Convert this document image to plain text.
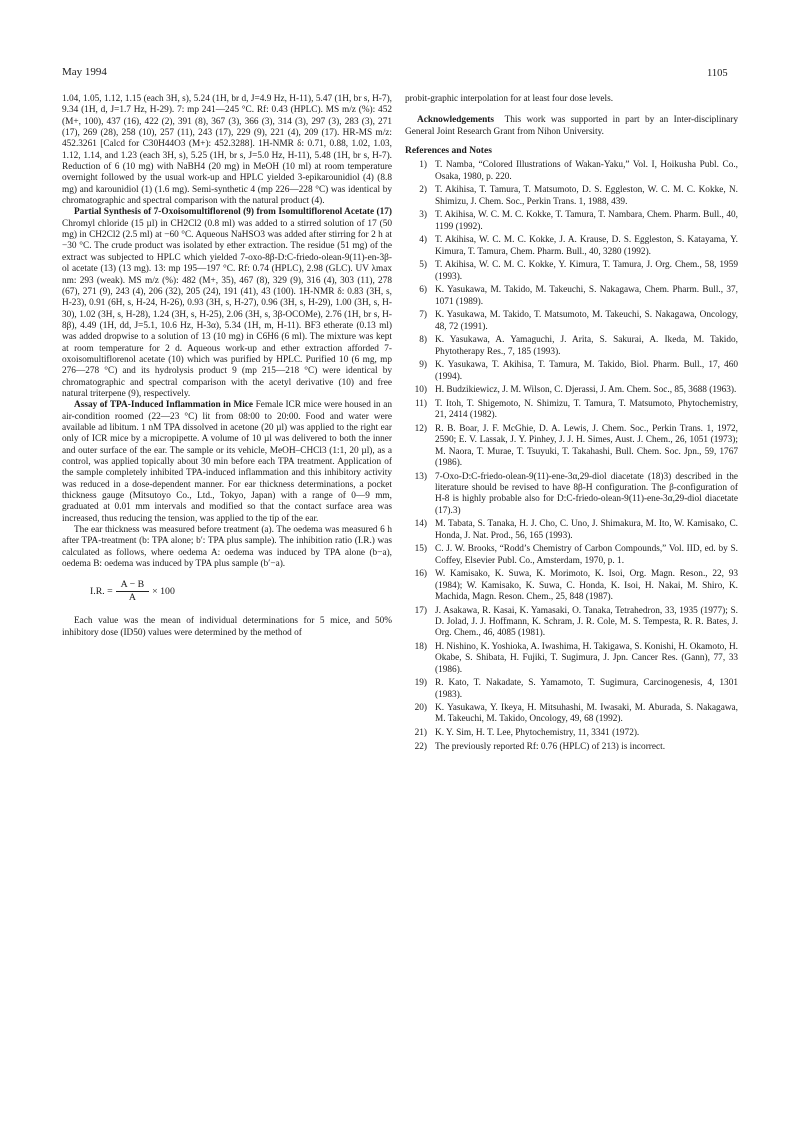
May 1994	1105

1.04, 1.05, 1.12, 1.15 (each 3H, s), 5.24 (1H, br d, J=4.9 Hz, H-11), 5.47 (1H, br s, H-7), 9.34 (1H, d, J=1.7 Hz, H-29). 7: mp 241—245 °C. Rf: 0.43 (HPLC). MS m/z (%): 452 (M+, 100), 437 (16), 422 (2), 391 (8), 367 (3), 366 (3), 314 (3), 297 (3), 283 (3), 271 (17), 269 (28), 258 (10), 257 (11), 243 (17), 229 (9), 221 (4), 209 (17). HR-MS m/z: 452.3261 [Calcd for C30H44O3 (M+): 452.3288]. 1H-NMR δ: 0.71, 0.88, 1.02, 1.03, 1.12, 1.14, and 1.23 (each 3H, s), 5.25 (1H, br s, J=5.0 Hz, H-11), 5.48 (1H, br s, H-7). Reduction of 6 (10 mg) with NaBH4 (20 mg) in MeOH (10 ml) at room temperature overnight followed by the usual work-up and HPLC yielded 3-epikarounidiol (4) (8.8 mg) and karounidiol (1) (1.6 mg). Semi-synthetic 4 (mp 226—228 °C) was identical by chromatographic and spectral comparison with the natural product (4).

Partial Synthesis of 7-Oxoisomultiflorenol (9) from Isomultiflorenol Acetate (17) Chromyl chloride (15 µl) in CH2Cl2 (0.8 ml) was added to a stirred solution of 17 (50 mg) in CH2Cl2 (2.5 ml) at −60 °C. Aqueous NaHSO3 was added after stirring for 2 h at −30 °C. The crude product was isolated by ether extraction. The residue (51 mg) of the extract was subjected to HPLC which yielded 7-oxo-8β-D:C-friedo-olean-9(11)-en-3β-ol acetate (13) (13 mg). 13: mp 195—197 °C. Rf: 0.74 (HPLC), 2.98 (GLC). UV λmax nm: 293 (weak). MS m/z (%): 482 (M+, 35), 467 (8), 329 (9), 316 (4), 303 (11), 278 (67), 271 (9), 243 (4), 206 (32), 205 (24), 191 (41), 43 (100). 1H-NMR δ: 0.83 (3H, s, H-23), 0.91 (6H, s, H-24, H-26), 0.93 (3H, s, H-27), 0.96 (3H, s, H-29), 1.00 (3H, s, H-30), 1.02 (3H, s, H-28), 1.24 (3H, s, H-25), 2.06 (3H, s, 3β-OCOMe), 2.76 (1H, br s, H-8β), 4.49 (1H, dd, J=5.1, 10.6 Hz, H-3α), 5.34 (1H, m, H-11). BF3 etherate (0.13 ml) was added dropwise to a solution of 13 (10 mg) in C6H6 (6 ml). The mixture was kept at room temperature for 2 d. Aqueous work-up and ether extraction afforded 7-oxoisomultiflorenol acetate (10) which was purified by HPLC. Purified 10 (6 mg, mp 276—278 °C) and its hydrolysis product 9 (mp 215—218 °C) were identical by chromatographic and spectral comparison with the acetyl derivative (10) and free natural triterpene (9), respectively.

Assay of TPA-Induced Inflammation in Mice Female ICR mice were housed in an air-condition roomed (22—23 °C) lit from 08:00 to 20:00. Food and water were available ad libitum. 1 nM TPA dissolved in acetone (20 µl) was applied to the right ear only of ICR mice by a micropipette. A volume of 10 µl was delivered to both the inner and outer surface of the ear. The sample or its vehicle, MeOH–CHCl3 (1:1, 20 µl), as a control, was applied topically about 30 min before each TPA treatment. Application of the sample completely inhibited TPA-induced inflammation and this inhibitory activity was reduced in a dose-dependent manner. For ear thickness determinations, a pocket thickness gauge (Mitsutoyo Co., Ltd., Tokyo, Japan) with a range of 0—9 mm, graduated at 0.01 mm intervals and modified so that the contact surface area was increased, thus reducing the tension, was applied to the tip of the ear.

The ear thickness was measured before treatment (a). The oedema was measured 6 h after TPA-treatment (b: TPA alone; b′: TPA plus sample). The inhibition ratio (I.R.) was calculated as follows, where oedema A: oedema was induced by TPA alone (b−a), oedema B: oedema was induced by TPA plus sample (b′−a).

I.R. = $\frac{A - B}{A} \times 100$

Each value was the mean of individual determinations for 5 mice, and 50% inhibitory dose (ID50) values were determined by the method of

probit-graphic interpolation for at least four dose levels.

Acknowledgements This work was supported in part by an Inter-disciplinary General Joint Research Grant from Nihon University.

References and Notes
1) T. Namba, “Colored Illustrations of Wakan-Yaku,” Vol. I, Hoikusha Publ. Co., Osaka, 1980, p. 220.
2) T. Akihisa, T. Tamura, T. Matsumoto, D. S. Eggleston, W. C. M. C. Kokke, N. Shimizu, J. Chem. Soc., Perkin Trans. 1, 1988, 439.
3) T. Akihisa, W. C. M. C. Kokke, T. Tamura, T. Nambara, Chem. Pharm. Bull., 40, 1199 (1992).
4) T. Akihisa, W. C. M. C. Kokke, J. A. Krause, D. S. Eggleston, S. Katayama, Y. Kimura, T. Tamura, Chem. Pharm. Bull., 40, 3280 (1992).
5) T. Akihisa, W. C. M. C. Kokke, Y. Kimura, T. Tamura, J. Org. Chem., 58, 1959 (1993).
6) K. Yasukawa, M. Takido, M. Takeuchi, S. Nakagawa, Chem. Pharm. Bull., 37, 1071 (1989).
7) K. Yasukawa, M. Takido, T. Matsumoto, M. Takeuchi, S. Nakagawa, Oncology, 48, 72 (1991).
8) K. Yasukawa, A. Yamaguchi, J. Arita, S. Sakurai, A. Ikeda, M. Takido, Phytotherapy Res., 7, 185 (1993).
9) K. Yasukawa, T. Akihisa, T. Tamura, M. Takido, Biol. Pharm. Bull., 17, 460 (1994).
10) H. Budzikiewicz, J. M. Wilson, C. Djerassi, J. Am. Chem. Soc., 85, 3688 (1963).
11) T. Itoh, T. Shigemoto, N. Shimizu, T. Tamura, T. Matsumoto, Phytochemistry, 21, 2414 (1982).
12) R. B. Boar, J. F. McGhie, D. A. Lewis, J. Chem. Soc., Perkin Trans. 1, 1972, 2590; E. V. Lassak, J. Y. Pinhey, J. J. H. Simes, Aust. J. Chem., 26, 1051 (1973); M. Naora, T. Murae, T. Tsuyuki, T. Takahashi, Bull. Chem. Soc. Jpn., 59, 1767 (1986).
13) 7-Oxo-D:C-friedo-olean-9(11)-ene-3α,29-diol diacetate (18)3) described in the literature should be revised to have 8β-H configuration. The β-configuration of H-8 is highly probable also for D:C-friedo-olean-9(11)-ene-3α,29-diol diacetate (17).3)
14) M. Tabata, S. Tanaka, H. J. Cho, C. Uno, J. Shimakura, M. Ito, W. Kamisako, C. Honda, J. Nat. Prod., 56, 165 (1993).
15) C. J. W. Brooks, “Rodd’s Chemistry of Carbon Compounds,” Vol. IID, ed. by S. Coffey, Elsevier Publ. Co., Amsterdam, 1970, p. 1.
16) W. Kamisako, K. Suwa, K. Morimoto, K. Isoi, Org. Magn. Reson., 22, 93 (1984); W. Kamisako, K. Suwa, C. Honda, K. Isoi, H. Nakai, M. Shiro, K. Machida, Magn. Reson. Chem., 25, 848 (1987).
17) J. Asakawa, R. Kasai, K. Yamasaki, O. Tanaka, Tetrahedron, 33, 1935 (1977); S. D. Jolad, J. J. Hoffmann, K. Schram, J. R. Cole, M. S. Tempesta, R. R. Bates, J. Org. Chem., 46, 4085 (1981).
18) H. Nishino, K. Yoshioka, A. Iwashima, H. Takigawa, S. Konishi, H. Okamoto, H. Okabe, S. Shibata, H. Fujiki, T. Sugimura, J. Jpn. Cancer Res. (Gann), 77, 33 (1986).
19) R. Kato, T. Nakadate, S. Yamamoto, T. Sugimura, Carcinogenesis, 4, 1301 (1983).
20) K. Yasukawa, Y. Ikeya, H. Mitsuhashi, M. Iwasaki, M. Aburada, S. Nakagawa, M. Takeuchi, M. Takido, Oncology, 49, 68 (1992).
21) K. Y. Sim, H. T. Lee, Phytochemistry, 11, 3341 (1972).
22) The previously reported Rf: 0.76 (HPLC) of 213) is incorrect.
